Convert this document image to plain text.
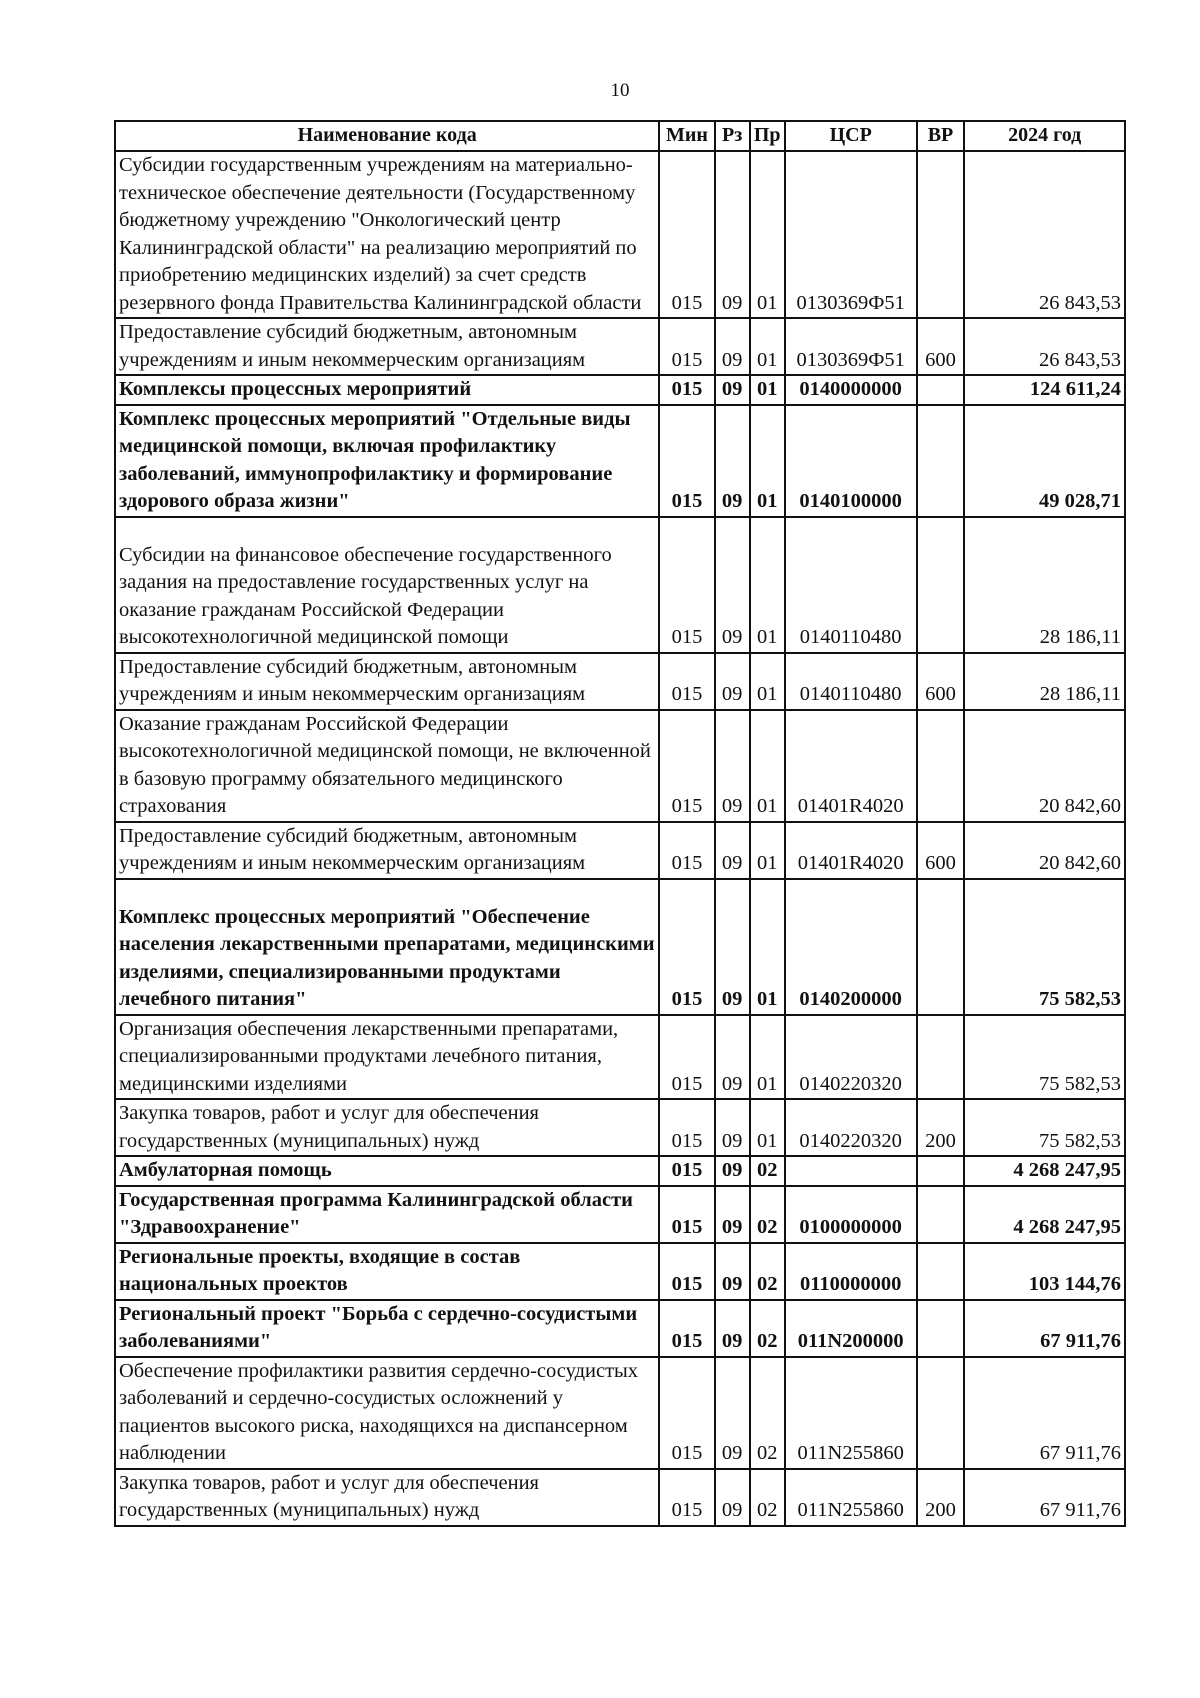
10
Наименование кода	Мин	Рз	Пр	ЦСР	ВР	2024 год
Субсидии государственным учреждениям на материально-техническое обеспечение деятельности (Государственному бюджетному учреждению "Онкологический центр Калининградской области" на реализацию мероприятий по приобретению медицинских изделий) за счет средств резервного фонда Правительства Калининградской области	015	09	01	0130369Ф51		26 843,53
Предоставление субсидий бюджетным, автономным учреждениям и иным некоммерческим организациям	015	09	01	0130369Ф51	600	26 843,53
Комплексы процессных мероприятий	015	09	01	0140000000		124 611,24
Комплекс процессных мероприятий "Отдельные виды медицинской помощи, включая профилактику заболеваний, иммунопрофилактику и формирование здорового образа жизни"	015	09	01	0140100000		49 028,71
Субсидии на финансовое обеспечение государственного задания на предоставление государственных услуг на оказание гражданам Российской Федерации высокотехнологичной медицинской помощи	015	09	01	0140110480		28 186,11
Предоставление субсидий бюджетным, автономным учреждениям и иным некоммерческим организациям	015	09	01	0140110480	600	28 186,11
Оказание гражданам Российской Федерации высокотехнологичной медицинской помощи, не включенной в базовую программу обязательного медицинского страхования	015	09	01	01401R4020		20 842,60
Предоставление субсидий бюджетным, автономным учреждениям и иным некоммерческим организациям	015	09	01	01401R4020	600	20 842,60
Комплекс процессных мероприятий "Обеспечение населения лекарственными препаратами, медицинскими изделиями, специализированными продуктами лечебного питания"	015	09	01	0140200000		75 582,53
Организация обеспечения лекарственными препаратами, специализированными продуктами лечебного питания, медицинскими изделиями	015	09	01	0140220320		75 582,53
Закупка товаров, работ и услуг для обеспечения государственных (муниципальных) нужд	015	09	01	0140220320	200	75 582,53
Амбулаторная помощь	015	09	02			4 268 247,95
Государственная программа Калининградской области "Здравоохранение"	015	09	02	0100000000		4 268 247,95
Региональные проекты, входящие в состав национальных проектов	015	09	02	0110000000		103 144,76
Региональный проект "Борьба с сердечно-сосудистыми заболеваниями"	015	09	02	011N200000		67 911,76
Обеспечение профилактики развития сердечно-сосудистых заболеваний и сердечно-сосудистых осложнений у пациентов высокого риска, находящихся на диспансерном наблюдении	015	09	02	011N255860		67 911,76
Закупка товаров, работ и услуг для обеспечения государственных (муниципальных) нужд	015	09	02	011N255860	200	67 911,76
